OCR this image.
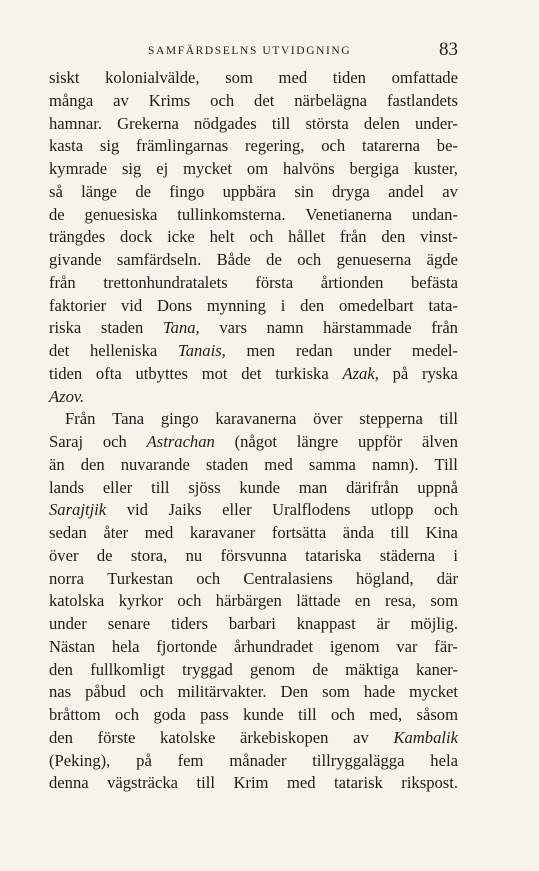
SAMFÄRDSELNS UTVIDGNING	83
siskt kolonialvälde, som med tiden omfattade
många av Krims och det närbelägna fastlandets
hamnar. Grekerna nödgades till största delen under-
kasta sig främlingarnas regering, och tatarerna be-
kymrade sig ej mycket om halvöns bergiga kuster,
så länge de fingo uppbära sin dryga andel av
de genuesiska tullinkomsterna. Venetianerna undan-
trängdes dock icke helt och hållet från den vinst-
givande samfärdseln. Både de och genueserna ägde
från trettonhundratalets första årtionden befästa
faktorier vid Dons mynning i den omedelbart tata-
riska staden Tana, vars namn härstammade från
det helleniska Tanais, men redan under medel-
tiden ofta utbyttes mot det turkiska Azak, på ryska
Azov.
Från Tana gingo karavanerna över stepperna till
Saraj och Astrachan (något längre uppför älven
än den nuvarande staden med samma namn). Till
lands eller till sjöss kunde man därifrån uppnå
Sarajtjik vid Jaiks eller Uralflodens utlopp och
sedan åter med karavaner fortsätta ända till Kina
över de stora, nu försvunna tatariska städerna i
norra Turkestan och Centralasiens högland, där
katolska kyrkor och härbärgen lättade en resa, som
under senare tiders barbari knappast är möjlig.
Nästan hela fjortonde århundradet igenom var fär-
den fullkomligt tryggad genom de mäktiga kaner-
nas påbud och militärvakter. Den som hade mycket
bråttom och goda pass kunde till och med, såsom
den förste katolske ärkebiskopen av Kambalik
(Peking), på fem månader tillryggalägga hela
denna vägsträcka till Krim med tatarisk rikspost.
